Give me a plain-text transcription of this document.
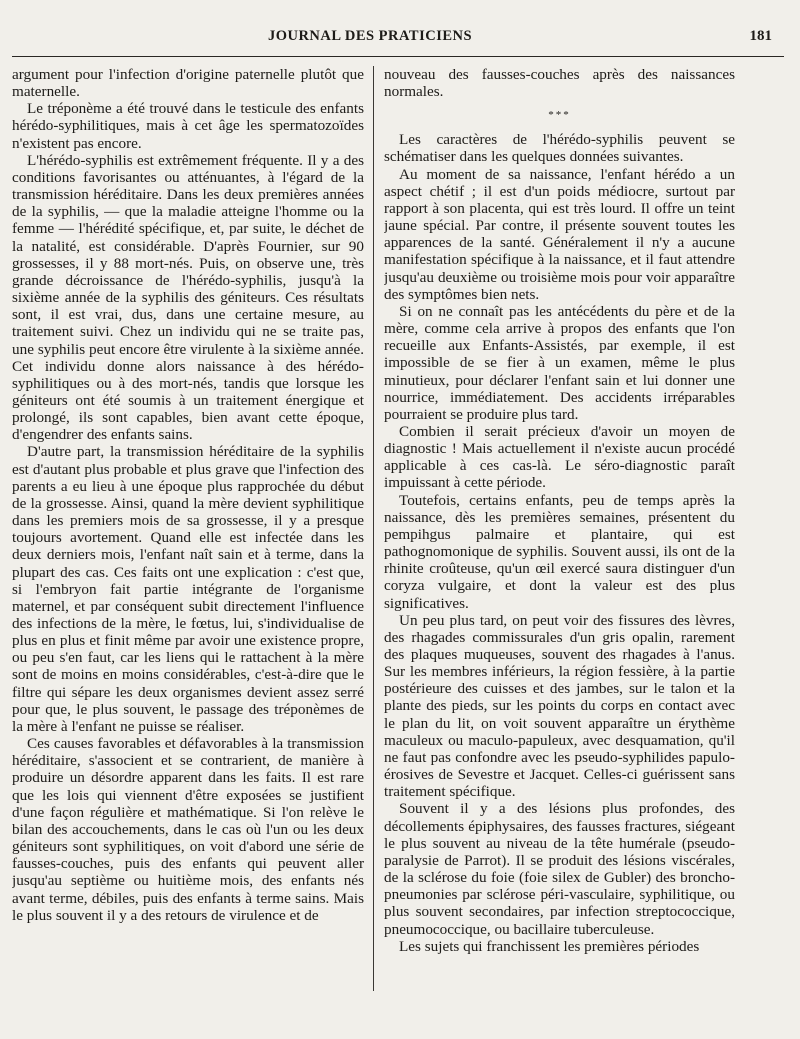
JOURNAL DES PRATICIENS	181

argument pour l'infection d'origine paternelle plutôt que maternelle.

Le tréponème a été trouvé dans le testicule des enfants hérédo-syphilitiques, mais à cet âge les spermatozoïdes n'existent pas encore.

L'hérédo-syphilis est extrêmement fréquente. Il y a des conditions favorisantes ou atténuantes, à l'égard de la transmission héréditaire. Dans les deux premières années de la syphilis, — que la maladie atteigne l'homme ou la femme — l'hérédité spécifique, et, par suite, le déchet de la natalité, est considérable. D'après Fournier, sur 90 grossesses, il y 88 mort-nés. Puis, on observe une, très grande décroissance de l'hérédo-syphilis, jusqu'à la sixième année de la syphilis des géniteurs. Ces résultats sont, il est vrai, dus, dans une certaine mesure, au traitement suivi. Chez un individu qui ne se traite pas, une syphilis peut encore être virulente à la sixième année. Cet individu donne alors naissance à des hérédo-syphilitiques ou à des mort-nés, tandis que lorsque les géniteurs ont été soumis à un traitement énergique et prolongé, ils sont capables, bien avant cette époque, d'engendrer des enfants sains.

D'autre part, la transmission héréditaire de la syphilis est d'autant plus probable et plus grave que l'infection des parents a eu lieu à une époque plus rapprochée du début de la grossesse. Ainsi, quand la mère devient syphilitique dans les premiers mois de sa grossesse, il y a presque toujours avortement. Quand elle est infectée dans les deux derniers mois, l'enfant naît sain et à terme, dans la plupart des cas. Ces faits ont une explication : c'est que, si l'embryon fait partie intégrante de l'organisme maternel, et par conséquent subit directement l'influence des infections de la mère, le fœtus, lui, s'individualise de plus en plus et finit même par avoir une existence propre, ou peu s'en faut, car les liens qui le rattachent à la mère sont de moins en moins considérables, c'est-à-dire que le filtre qui sépare les deux organismes devient assez serré pour que, le plus souvent, le passage des tréponèmes de la mère à l'enfant ne puisse se réaliser.

Ces causes favorables et défavorables à la transmission héréditaire, s'associent et se contrarient, de manière à produire un désordre apparent dans les faits. Il est rare que les lois qui viennent d'être exposées se justifient d'une façon régulière et mathématique. Si l'on relève le bilan des accouchements, dans le cas où l'un ou les deux géniteurs sont syphilitiques, on voit d'abord une série de fausses-couches, puis des enfants qui peuvent aller jusqu'au septième ou huitième mois, des enfants nés avant terme, débiles, puis des enfants à terme sains. Mais le plus souvent il y a des retours de virulence et de

nouveau des fausses-couches après des naissances normales.

***

Les caractères de l'hérédo-syphilis peuvent se schématiser dans les quelques données suivantes.

Au moment de sa naissance, l'enfant hérédo a un aspect chétif ; il est d'un poids médiocre, surtout par rapport à son placenta, qui est très lourd. Il offre un teint jaune spécial. Par contre, il présente souvent toutes les apparences de la santé. Généralement il n'y a aucune manifestation spécifique à la naissance, et il faut attendre jusqu'au deuxième ou troisième mois pour voir apparaître des symptômes bien nets.

Si on ne connaît pas les antécédents du père et de la mère, comme cela arrive à propos des enfants que l'on recueille aux Enfants-Assistés, par exemple, il est impossible de se fier à un examen, même le plus minutieux, pour déclarer l'enfant sain et lui donner une nourrice, immédiatement. Des accidents irréparables pourraient se produire plus tard.

Combien il serait précieux d'avoir un moyen de diagnostic ! Mais actuellement il n'existe aucun procédé applicable à ces cas-là. Le séro-diagnostic paraît impuissant à cette période.

Toutefois, certains enfants, peu de temps après la naissance, dès les premières semaines, présentent du pempihgus palmaire et plantaire, qui est pathognomonique de syphilis. Souvent aussi, ils ont de la rhinite croûteuse, qu'un œil exercé saura distinguer d'un coryza vulgaire, et dont la valeur est des plus significatives.

Un peu plus tard, on peut voir des fissures des lèvres, des rhagades commissurales d'un gris opalin, rarement des plaques muqueuses, souvent des rhagades à l'anus. Sur les membres inférieurs, la région fessière, à la partie postérieure des cuisses et des jambes, sur le talon et la plante des pieds, sur les points du corps en contact avec le plan du lit, on voit souvent apparaître un érythème maculeux ou maculo-papuleux, avec desquamation, qu'il ne faut pas confondre avec les pseudo-syphilides papulo-érosives de Sevestre et Jacquet. Celles-ci guérissent sans traitement spécifique.

Souvent il y a des lésions plus profondes, des décollements épiphysaires, des fausses fractures, siégeant le plus souvent au niveau de la tête humérale (pseudo-paralysie de Parrot). Il se produit des lésions viscérales, de la sclérose du foie (foie silex de Gubler) des broncho-pneumonies par sclérose péri-vasculaire, syphilitique, ou plus souvent secondaires, par infection streptococcique, pneumococcique, ou bacillaire tuberculeuse.

Les sujets qui franchissent les premières périodes
